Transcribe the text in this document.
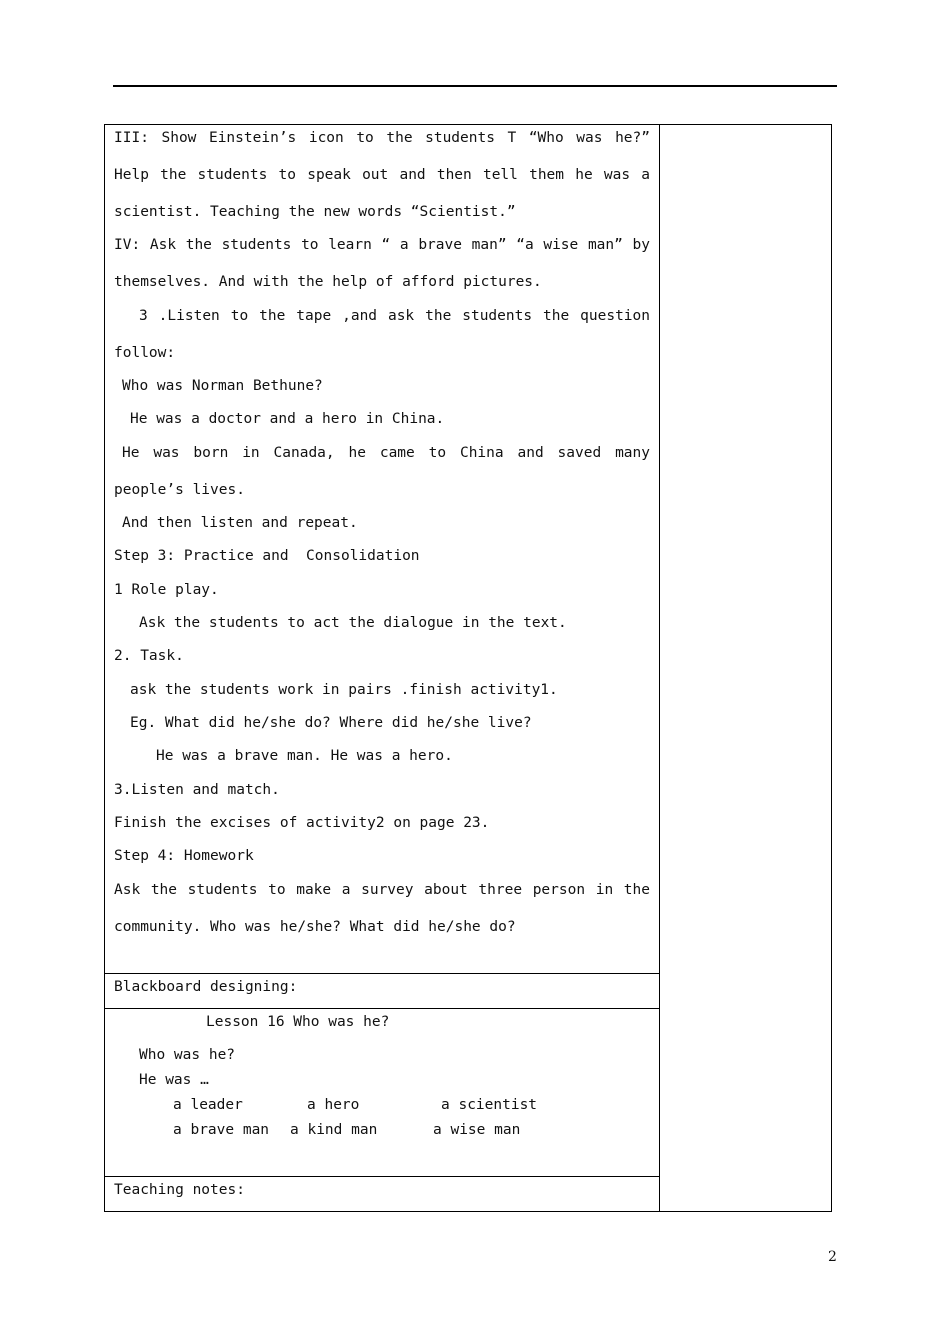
III: Show Einstein’s icon to the students T “Who was he?”
Help the students to speak out and then tell them he was a
scientist. Teaching the new words “Scientist.”
IV: Ask the students to learn “ a brave man” “a wise man” by
themselves. And with the help of afford pictures.
3 .Listen to the tape ,and ask the students the question
follow:
Who was Norman Bethune?
He was a doctor and a hero in China.
He was born in Canada, he came to China and saved many
people’s lives.
And then listen and repeat.
Step 3: Practice and  Consolidation
1 Role play.
Ask the students to act the dialogue in the text.
2. Task.
ask the students work in pairs .finish activity1.
Eg. What did he/she do? Where did he/she live?
He was a brave man. He was a hero.
3.Listen and match.
Finish the excises of activity2 on page 23.
Step 4: Homework
Ask the students to make a survey about three person in the
community. Who was he/she? What did he/she do?
Blackboard designing:
Lesson 16 Who was he?
Who was he?
He was …
a leader	a hero	a scientist
a brave man a kind man	a wise man
Teaching notes:
2
